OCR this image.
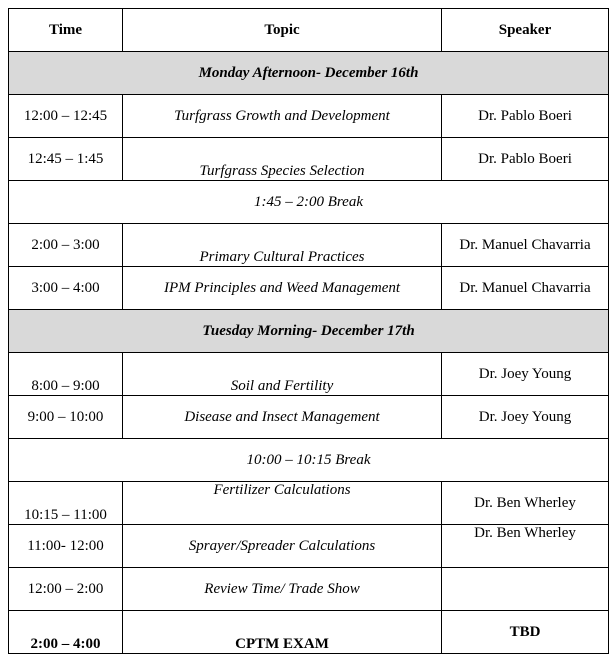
Time	Topic	Speaker
Monday Afternoon- December 16th		
12:00 – 12:45	Turfgrass Growth and Development	Dr. Pablo Boeri
12:45 – 1:45	Turfgrass Species Selection	Dr. Pablo Boeri
1:45 – 2:00 Break		
2:00 – 3:00	Primary Cultural Practices	Dr. Manuel Chavarria
3:00 – 4:00	IPM Principles and Weed Management	Dr. Manuel Chavarria
Tuesday Morning- December 17th		
8:00 – 9:00	Soil and Fertility	Dr. Joey Young
9:00 – 10:00	Disease and Insect Management	Dr. Joey Young
10:00 – 10:15 Break		
10:15 – 11:00	Fertilizer Calculations	Dr. Ben Wherley
11:00- 12:00	Sprayer/Spreader Calculations	Dr. Ben Wherley
12:00 – 2:00	Review Time/ Trade Show	
2:00 – 4:00	CPTM EXAM	TBD
